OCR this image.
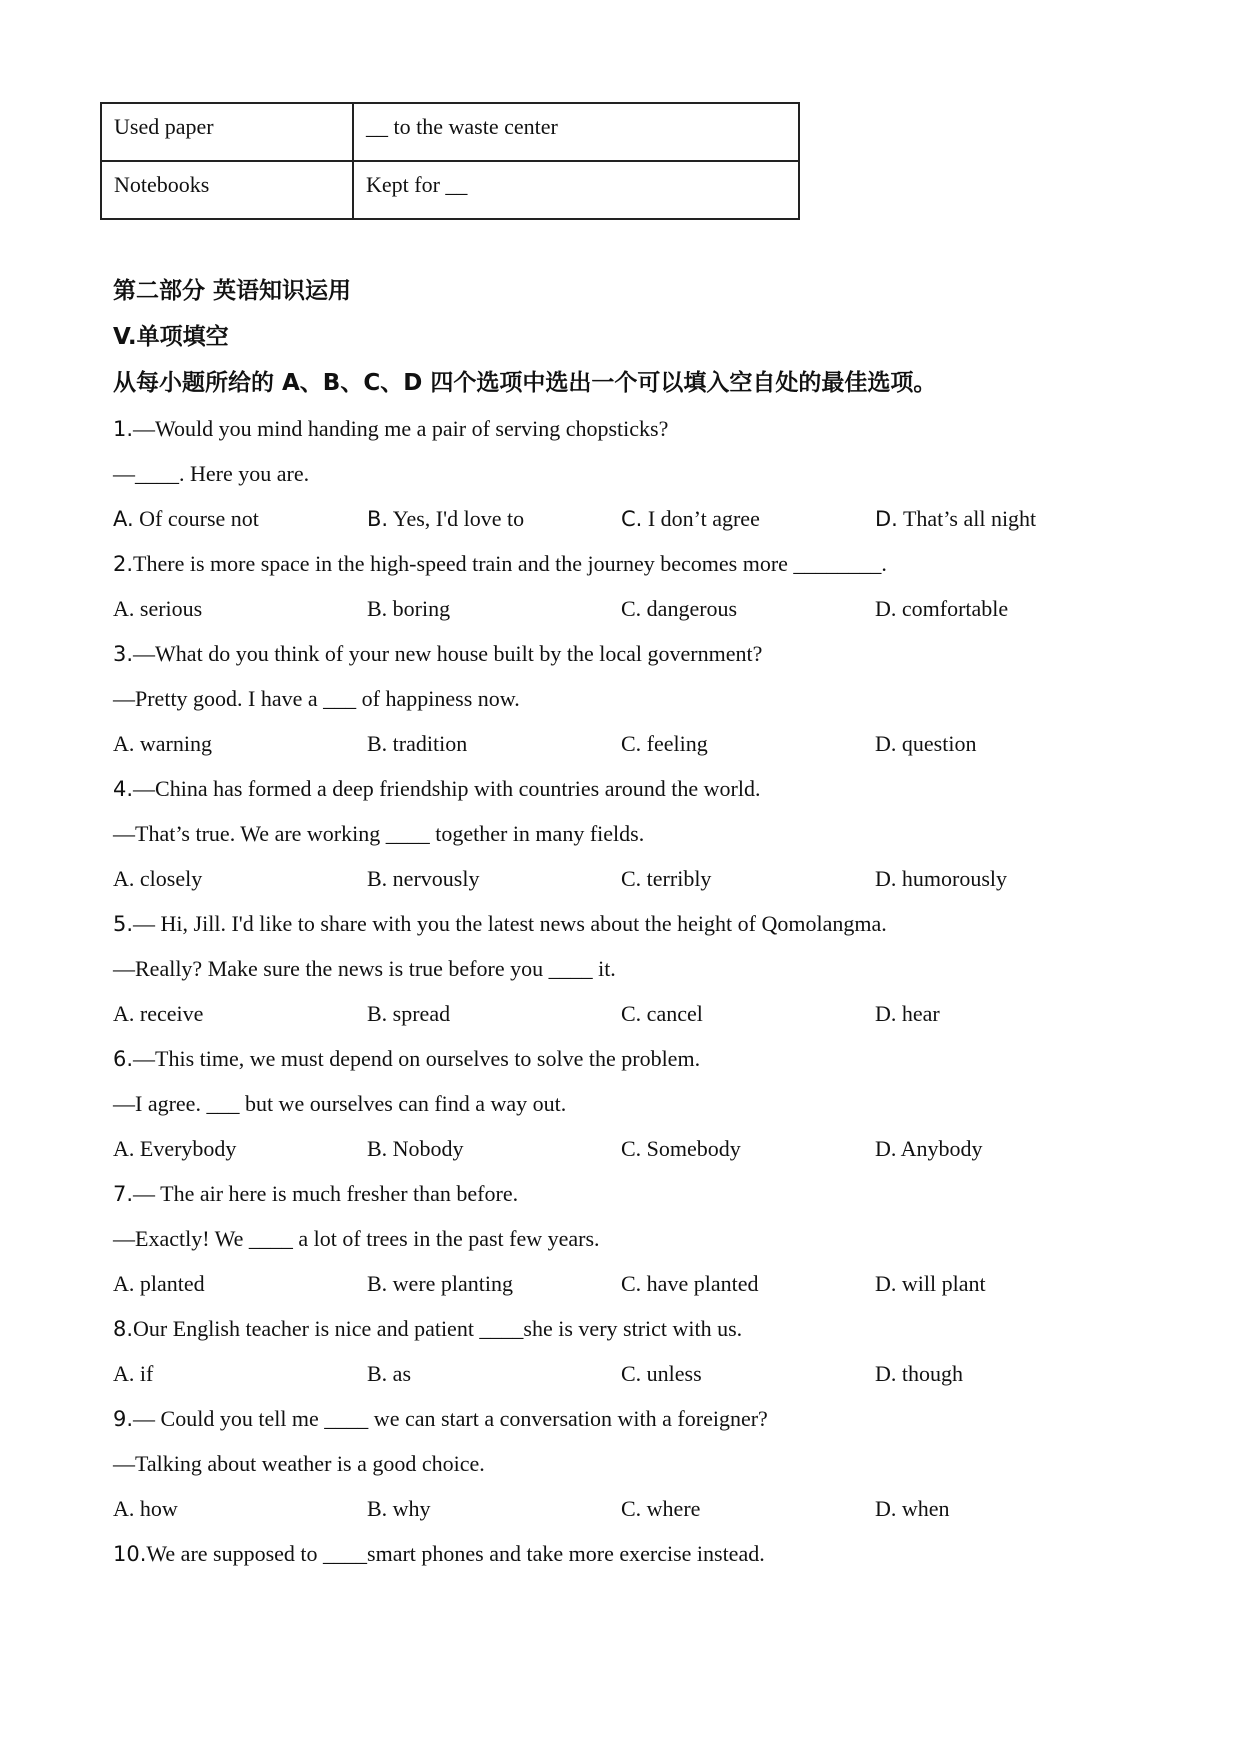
Used paper	__ to the waste center
Notebooks	Kept for __
第二部分 英语知识运用
V.单项填空
从每小题所给的 A、B、C、D 四个选项中选出一个可以填入空自处的最佳选项。
1.—Would you mind handing me a pair of serving chopsticks?
—____. Here you are.
A. Of course not	B. Yes, I'd love to	C. I don’t agree	D. That’s all night
2.There is more space in the high-speed train and the journey becomes more ________.
A. serious	B. boring	C. dangerous	D. comfortable
3.—What do you think of your new house built by the local government?
—Pretty good. I have a ___ of happiness now.
A. warning	B. tradition	C. feeling	D. question
4.—China has formed a deep friendship with countries around the world.
—That’s true. We are working ____ together in many fields.
A. closely	B. nervously	C. terribly	D. humorously
5.— Hi, Jill. I'd like to share with you the latest news about the height of Qomolangma.
—Really? Make sure the news is true before you ____ it.
A. receive	B. spread	C. cancel	D. hear
6.—This time, we must depend on ourselves to solve the problem.
—I agree. ___ but we ourselves can find a way out.
A. Everybody	B. Nobody	C. Somebody	D. Anybody
7.— The air here is much fresher than before.
—Exactly! We ____ a lot of trees in the past few years.
A. planted	B. were planting	C. have planted	D. will plant
8.Our English teacher is nice and patient ____she is very strict with us.
A. if	B. as	C. unless	D. though
9.— Could you tell me ____ we can start a conversation with a foreigner?
—Talking about weather is a good choice.
A. how	B. why	C. where	D. when
10.We are supposed to ____smart phones and take more exercise instead.
